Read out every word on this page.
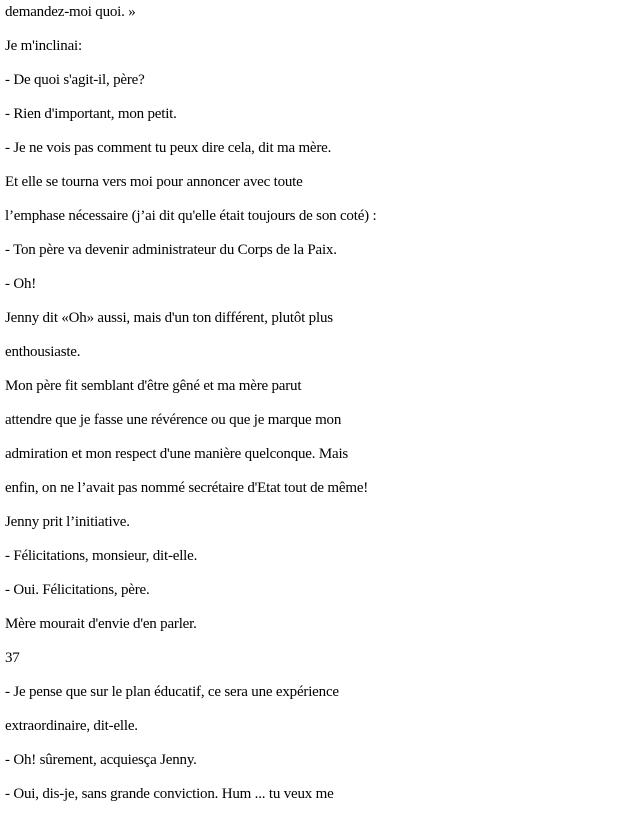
demandez-moi quoi. »
Je m'inclinai:
- De quoi s'agit-il, père?
- Rien d'important, mon petit.
- Je ne vois pas comment tu peux dire cela, dit ma mère.
Et elle se tourna vers moi pour annoncer avec toute
l’emphase nécessaire (j’ai dit qu'elle était toujours de son coté) :
- Ton père va devenir administrateur du Corps de la Paix.
- Oh!
Jenny dit «Oh» aussi, mais d'un ton différent, plutôt plus
enthousiaste.
Mon père fit semblant d'être gêné et ma mère parut
attendre que je fasse une révérence ou que je marque mon
admiration et mon respect d'une manière quelconque. Mais
enfin, on ne l’avait pas nommé secrétaire d'Etat tout de même!
Jenny prit l’initiative.
- Félicitations, monsieur, dit-elle.
- Oui. Félicitations, père.
Mère mourait d'envie d'en parler.
37
- Je pense que sur le plan éducatif, ce sera une expérience
extraordinaire, dit-elle.
- Oh! sûrement, acquiesça Jenny.
- Oui, dis-je, sans grande conviction. Hum ... tu veux me
